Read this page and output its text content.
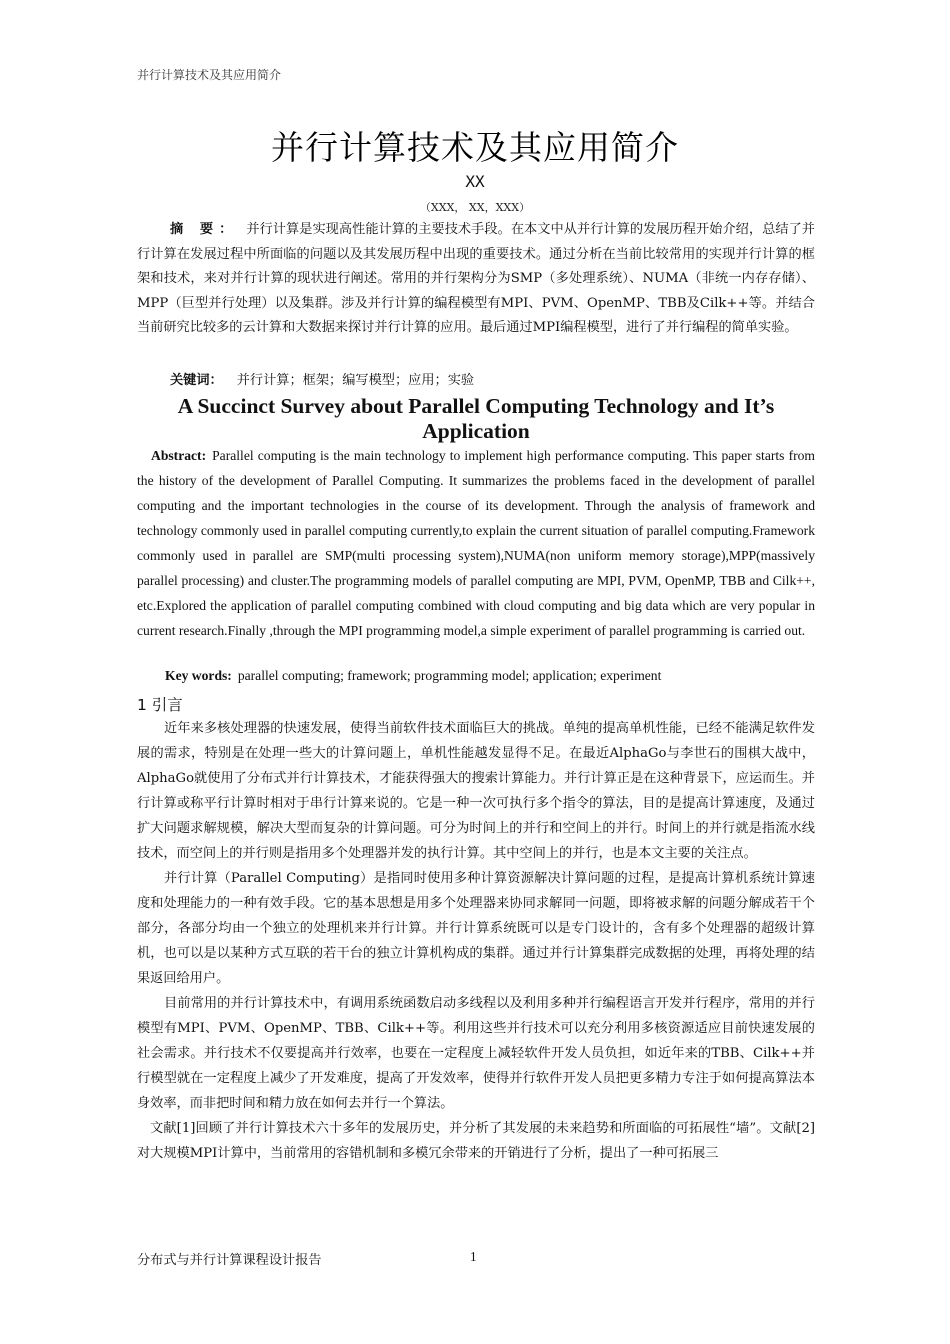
并行计算技术及其应用简介
并行计算技术及其应用简介
XX
（XXX， XX，XXX）

摘 要： 并行计算是实现高性能计算的主要技术手段。在本文中从并行计算的发展历程开始介绍，总结了并行计算在发展过程中所面临的问题以及其发展历程中出现的重要技术。通过分析在当前比较常用的实现并行计算的框架和技术，来对并行计算的现状进行阐述。常用的并行架构分为SMP（多处理系统）、NUMA（非统一内存存储）、MPP（巨型并行处理）以及集群。涉及并行计算的编程模型有MPI、PVM、OpenMP、TBB及Cilk++等。并结合当前研究比较多的云计算和大数据来探讨并行计算的应用。最后通过MPI编程模型，进行了并行编程的简单实验。

关键词： 并行计算；框架；编写模型；应用；实验
A Succinct Survey about Parallel Computing Technology and It’s Application

Abstract: Parallel computing is the main technology to implement high performance computing. This paper starts from the history of the development of Parallel Computing. It summarizes the problems faced in the development of parallel computing and the important technologies in the course of its development. Through the analysis of framework and technology commonly used in parallel computing currently,to explain the current situation of parallel computing.Framework commonly used in parallel are SMP(multi processing system),NUMA(non uniform memory storage),MPP(massively parallel processing) and cluster.The programming models of parallel computing are MPI, PVM, OpenMP, TBB and Cilk++, etc.Explored the application of parallel computing combined with cloud computing and big data which are very popular in current research.Finally ,through the MPI programming model,a simple experiment of parallel programming is carried out.

Key words: parallel computing; framework; programming model; application; experiment
1 引言

近年来多核处理器的快速发展，使得当前软件技术面临巨大的挑战。单纯的提高单机性能，已经不能满足软件发展的需求，特别是在处理一些大的计算问题上，单机性能越发显得不足。在最近AlphaGo与李世石的围棋大战中，AlphaGo就使用了分布式并行计算技术，才能获得强大的搜索计算能力。并行计算正是在这种背景下，应运而生。并行计算或称平行计算时相对于串行计算来说的。它是一种一次可执行多个指令的算法，目的是提高计算速度，及通过扩大问题求解规模，解决大型而复杂的计算问题。可分为时间上的并行和空间上的并行。时间上的并行就是指流水线技术，而空间上的并行则是指用多个处理器并发的执行计算。其中空间上的并行，也是本文主要的关注点。

并行计算（Parallel Computing）是指同时使用多种计算资源解决计算问题的过程，是提高计算机系统计算速度和处理能力的一种有效手段。它的基本思想是用多个处理器来协同求解同一问题，即将被求解的问题分解成若干个部分，各部分均由一个独立的处理机来并行计算。并行计算系统既可以是专门设计的，含有多个处理器的超级计算机，也可以是以某种方式互联的若干台的独立计算机构成的集群。通过并行计算集群完成数据的处理，再将处理的结果返回给用户。

目前常用的并行计算技术中，有调用系统函数启动多线程以及利用多种并行编程语言开发并行程序，常用的并行模型有MPI、PVM、OpenMP、TBB、Cilk++等。利用这些并行技术可以充分利用多核资源适应目前快速发展的社会需求。并行技术不仅要提高并行效率，也要在一定程度上减轻软件开发人员负担，如近年来的TBB、Cilk++并行模型就在一定程度上减少了开发难度，提高了开发效率，使得并行软件开发人员把更多精力专注于如何提高算法本身效率，而非把时间和精力放在如何去并行一个算法。

文献[1]回顾了并行计算技术六十多年的发展历史，并分析了其发展的未来趋势和所面临的可拓展性“墙”。文献[2]对大规模MPI计算中，当前常用的容错机制和多模冗余带来的开销进行了分析，提出了一种可拓展三

分布式与并行计算课程设计报告	1
